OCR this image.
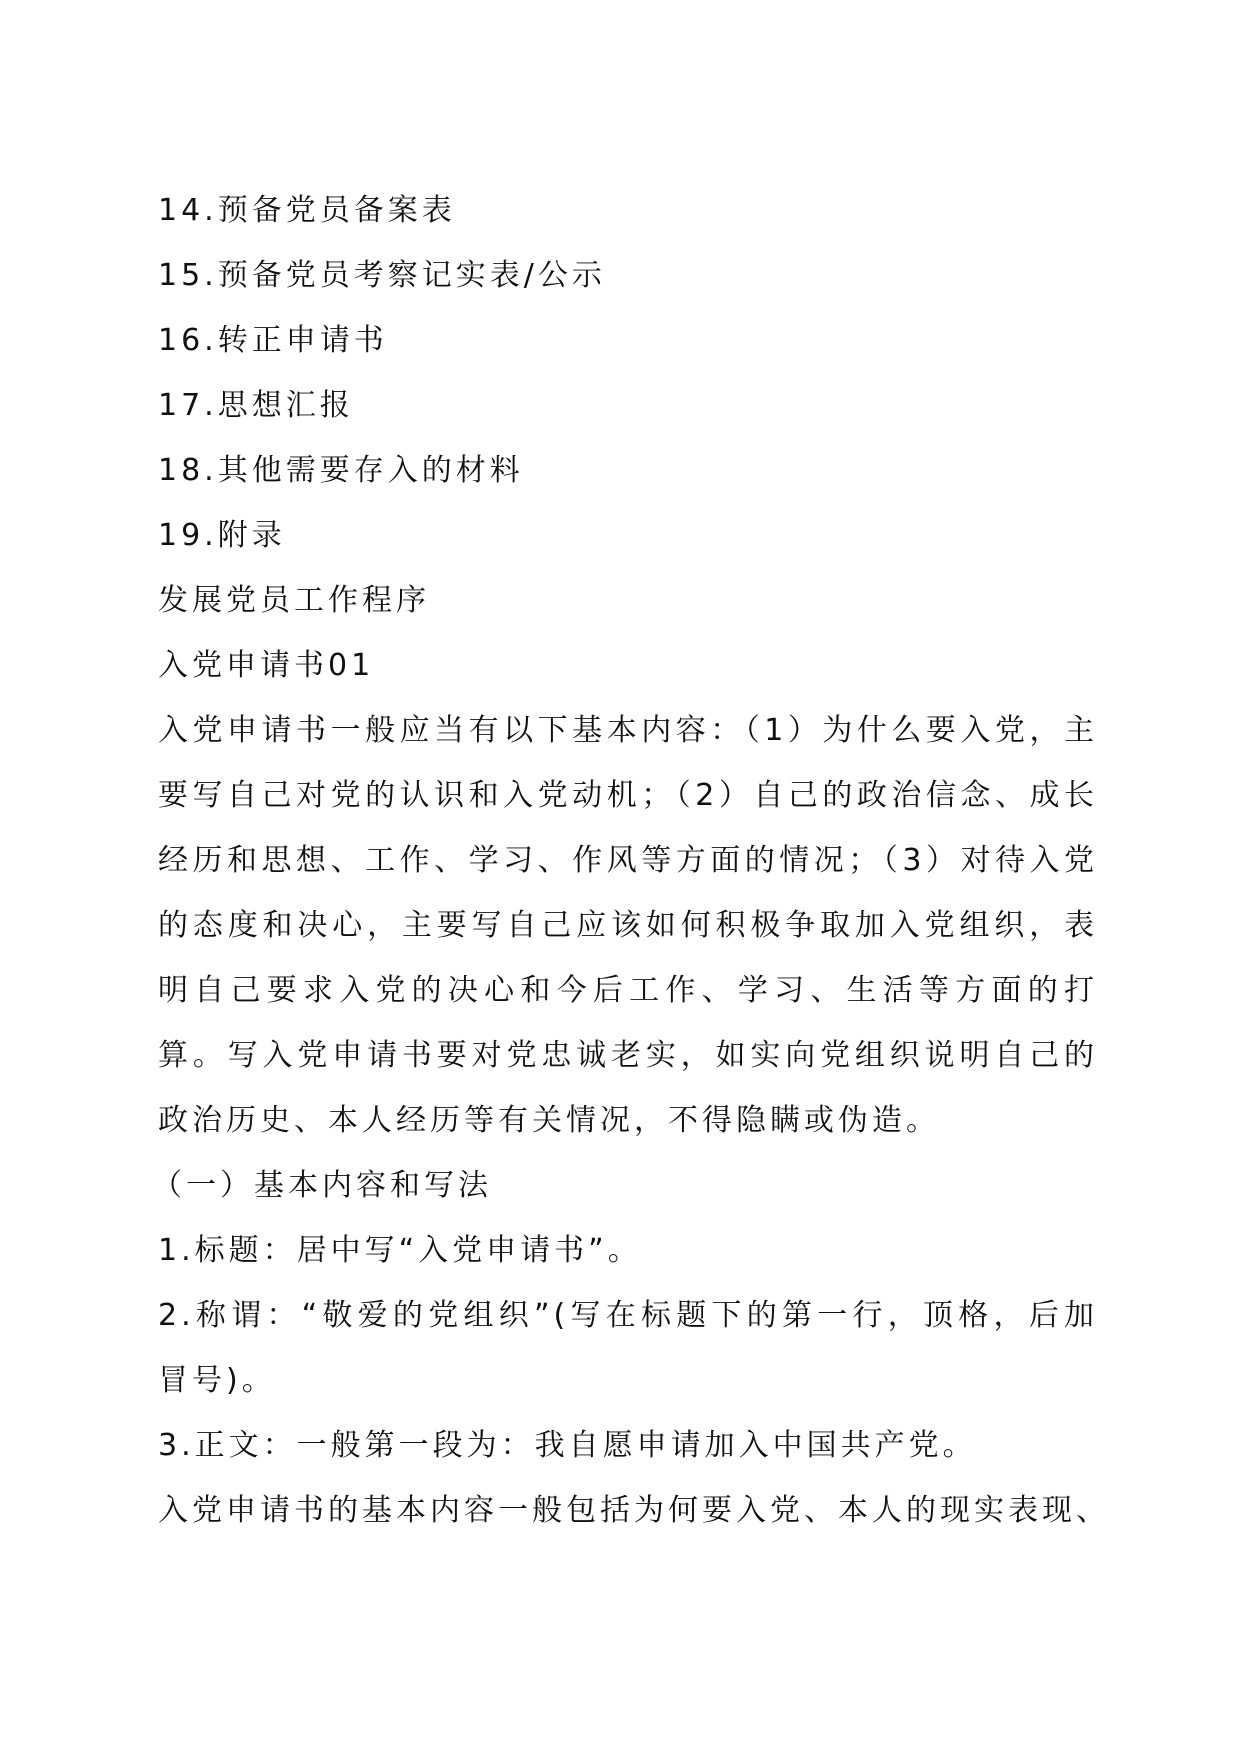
14.预备党员备案表
15.预备党员考察记实表/公示
16.转正申请书
17.思想汇报
18.其他需要存入的材料
19.附录
发展党员工作程序
入党申请书01
入党申请书一般应当有以下基本内容：（1）为什么要入党，主要写自己对党的认识和入党动机；（2）自己的政治信念、成长经历和思想、工作、学习、作风等方面的情况；（3）对待入党的态度和决心，主要写自己应该如何积极争取加入党组织，表明自己要求入党的决心和今后工作、学习、生活等方面的打算。写入党申请书要对党忠诚老实，如实向党组织说明自己的政治历史、本人经历等有关情况，不得隐瞒或伪造。
（一）基本内容和写法
1.标题：居中写“入党申请书”。
2.称谓：“敬爱的党组织”(写在标题下的第一行，顶格，后加冒号)。
3.正文：一般第一段为：我自愿申请加入中国共产党。
入党申请书的基本内容一般包括为何要入党、本人的现实表现、
